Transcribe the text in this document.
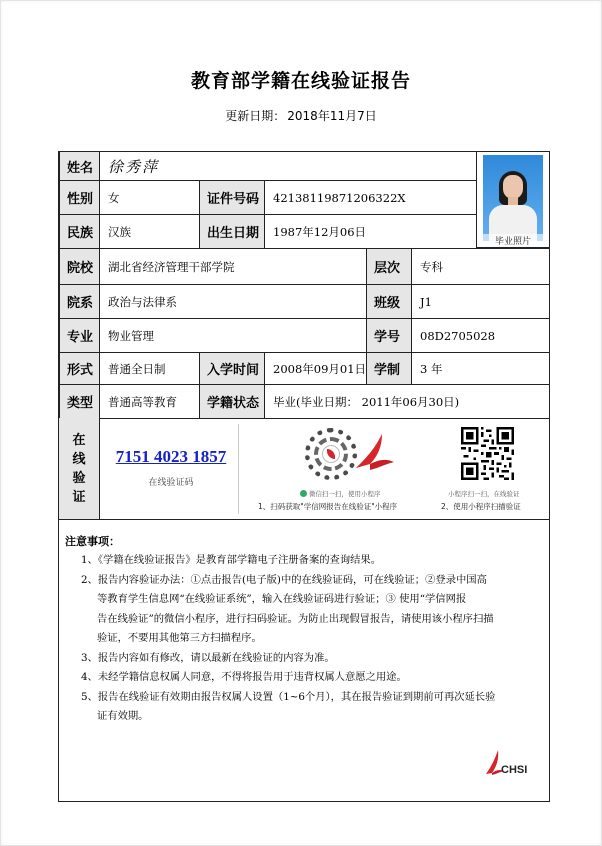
教育部学籍在线验证报告
更新日期： 2018年11月7日
姓名 徐秀萍
性别	女	证件号码	42138119871206322X
民族	汉族	出生日期	1987年12月06日
毕业照片
院校	湖北省经济管理干部学院	层次	专科
院系	政治与法律系	班级	J1
专业	物业管理	学号	08D2705028
形式	普通全日制	入学时间	2008年09月01日 学制	3 年
类型	普通高等教育	学籍状态	毕业(毕业日期： 2011年06月30日)
在
线
验
证
7151 4023 1857
在线验证码
微信扫一扫，使用小程序
1、扫码获取"学信网报告在线验证"小程序
小程序扫一扫，在线验证
2、使用小程序扫描验证
注意事项：
1、《学籍在线验证报告》是教育部学籍电子注册备案的查询结果。
2、报告内容验证办法：①点击报告(电子版)中的在线验证码，可在线验证；②登录中国高
等教育学生信息网“在线验证系统”，输入在线验证码进行验证；③ 使用“学信网报
告在线验证”的微信小程序，进行扫码验证。为防止出现假冒报告，请使用该小程序扫描
验证，不要用其他第三方扫描程序。
3、报告内容如有修改，请以最新在线验证的内容为准。
4、未经学籍信息权属人同意，不得将报告用于违背权属人意愿之用途。
5、报告在线验证有效期由报告权属人设置（1~6个月），其在报告验证到期前可再次延长验
证有效期。
CHSI
